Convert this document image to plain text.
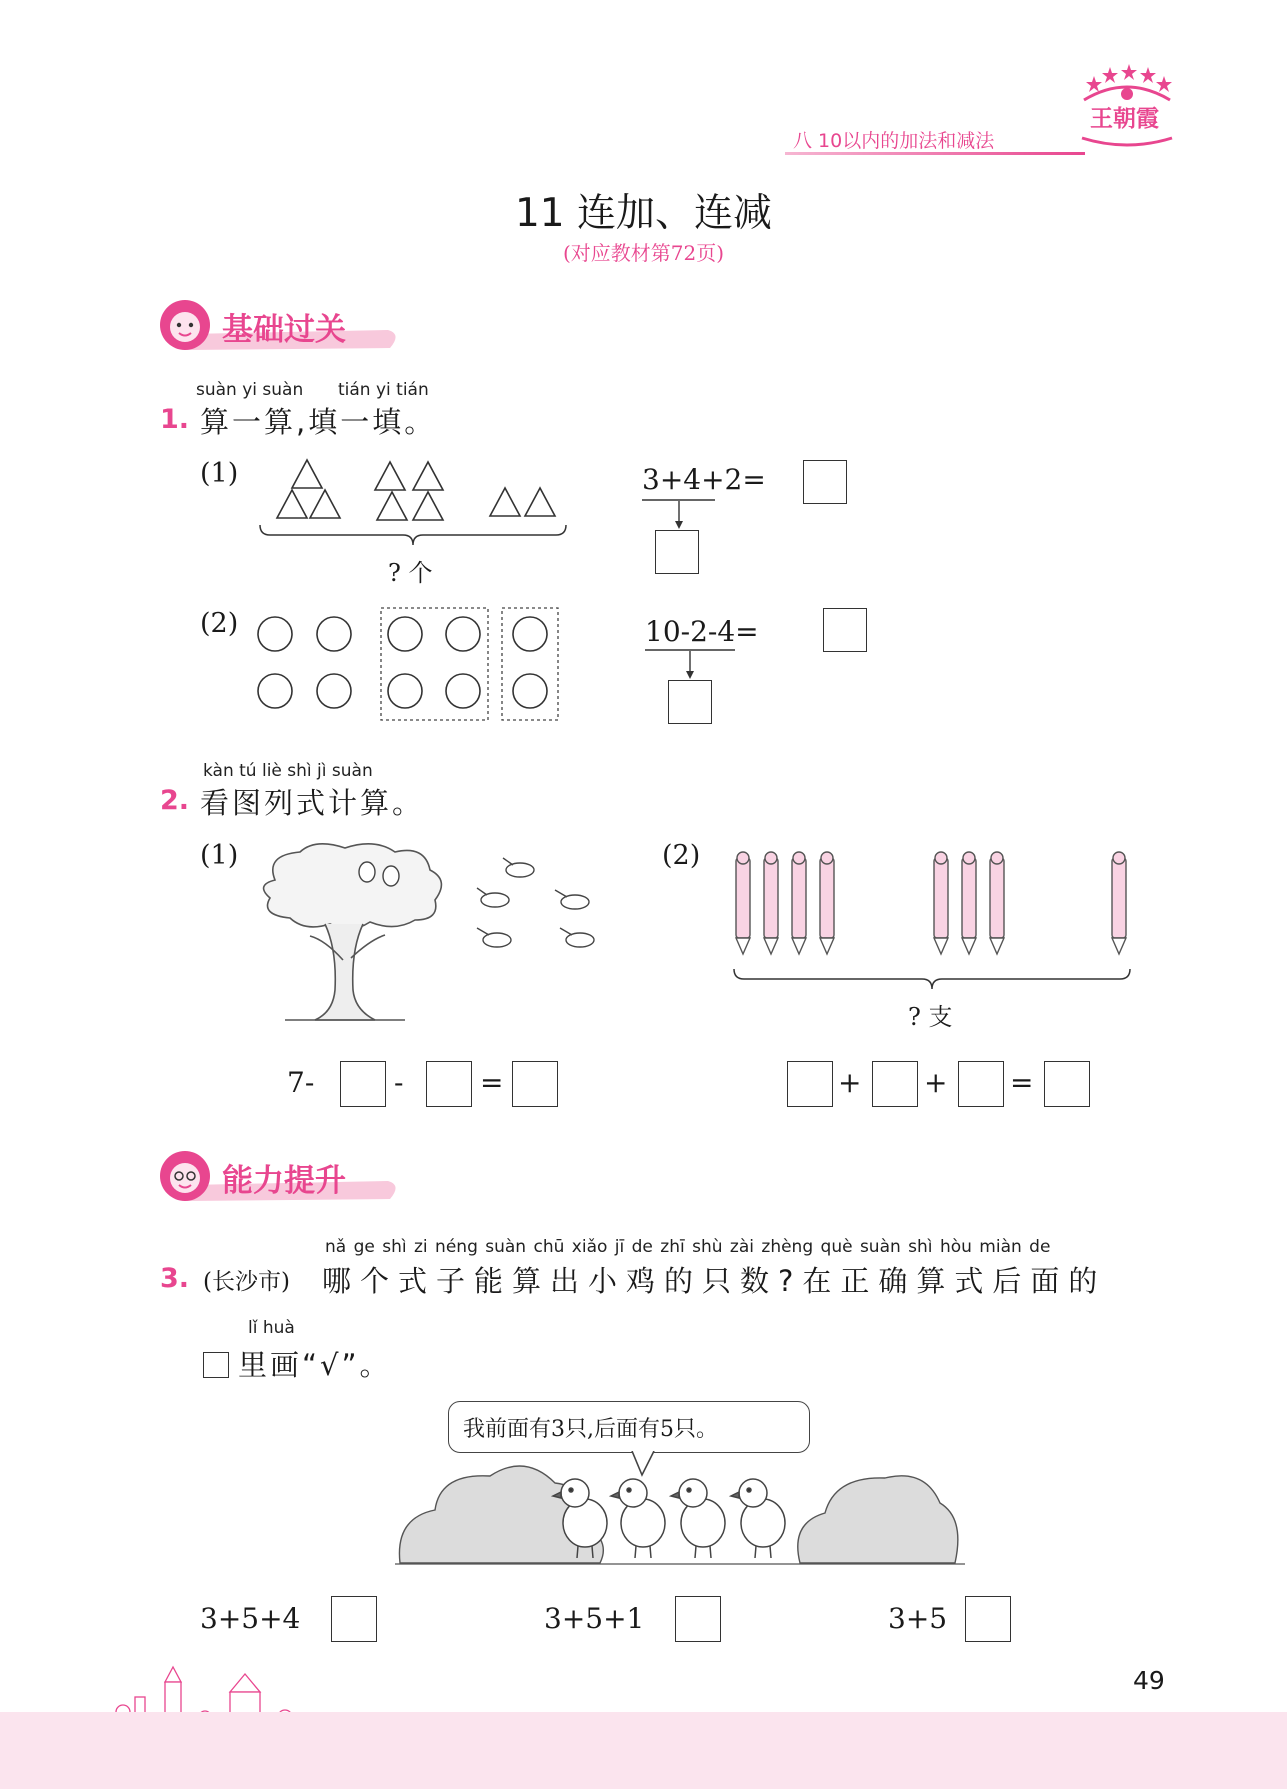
八 10以内的加法和减法
王朝霞
11 连加、连减
(对应教材第72页)
基础过关
suàn yi suàn tián yi tián
1. 算一算,填一填。
(1)
? 个
3+4+2=
(2)	10-2-4=
kàn tú liè shì jì suàn
2. 看图列式计算。
(1)
7-	-	=
(2)
? 支
+ + =
能力提升
nǎ ge shì zi néng suàn chū xiǎo jī de zhī shù zài zhèng què suàn shì hòu miàn de
3. (长沙市) 哪个式子能算出小鸡的只数?在正确算式后面的
lǐ huà
里画“√”。
我前面有3只,后面有5只。
3+5+4	3+5+1	3+5
49
